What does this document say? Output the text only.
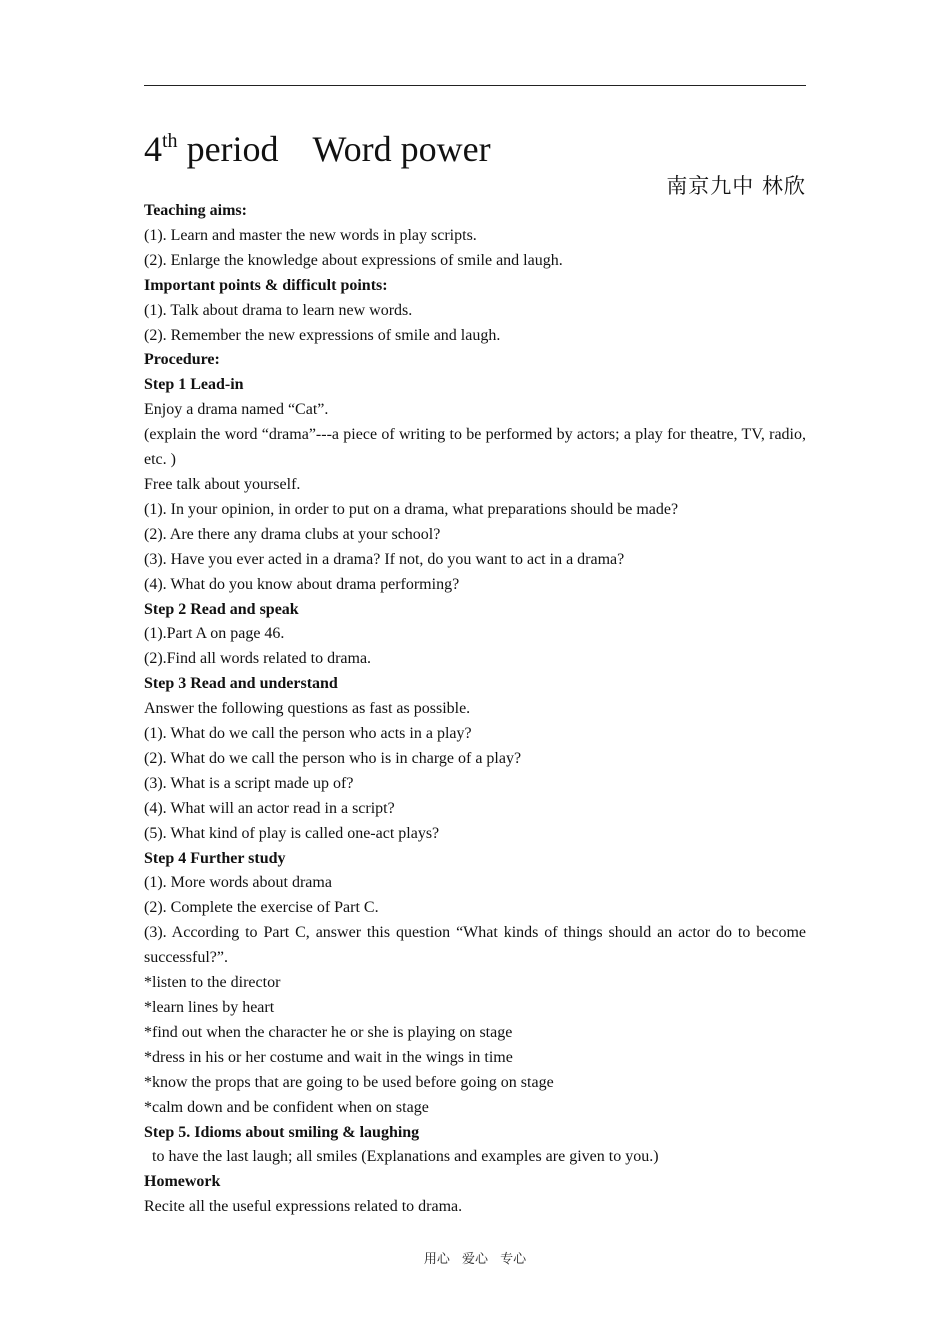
4th period Word power
南京九中 林欣
Teaching aims:
(1). Learn and master the new words in play scripts.
(2). Enlarge the knowledge about expressions of smile and laugh.
Important points & difficult points:
(1). Talk about drama to learn new words.
(2). Remember the new expressions of smile and laugh.
Procedure:
Step 1 Lead-in
Enjoy a drama named “Cat”.
(explain the word “drama”---a piece of writing to be performed by actors; a play for theatre, TV, radio, etc. )
Free talk about yourself.
(1). In your opinion, in order to put on a drama, what preparations should be made?
(2). Are there any drama clubs at your school?
(3). Have you ever acted in a drama? If not, do you want to act in a drama?
(4). What do you know about drama performing?
Step 2 Read and speak
(1).Part A on page 46.
(2).Find all words related to drama.
Step 3 Read and understand
Answer the following questions as fast as possible.
(1). What do we call the person who acts in a play?
(2). What do we call the person who is in charge of a play?
(3). What is a script made up of?
(4). What will an actor read in a script?
(5). What kind of play is called one-act plays?
Step 4 Further study
(1). More words about drama
(2). Complete the exercise of Part C.
(3). According to Part C, answer this question “What kinds of things should an actor do to become successful?”.
*listen to the director
*learn lines by heart
*find out when the character he or she is playing on stage
*dress in his or her costume and wait in the wings in time
*know the props that are going to be used before going on stage
*calm down and be confident when on stage
Step 5. Idioms about smiling & laughing
to have the last laugh; all smiles (Explanations and examples are given to you.)
Homework
Recite all the useful expressions related to drama.
用心 爱心 专心
